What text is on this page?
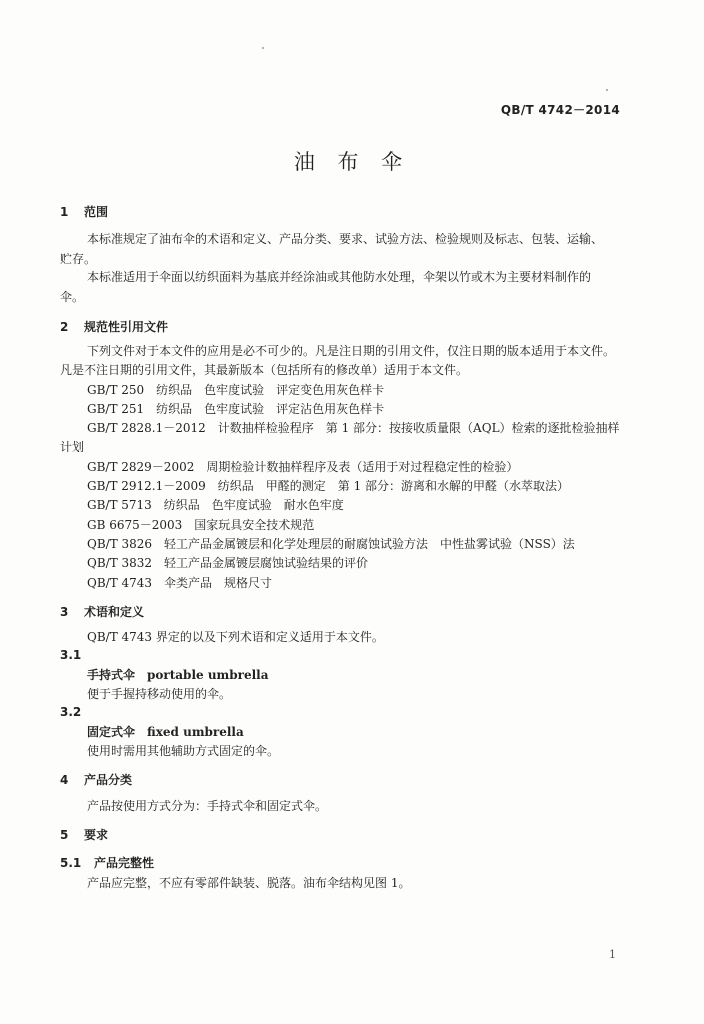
QB/T 4742－2014
油 布 伞
1 范围
本标准规定了油布伞的术语和定义、产品分类、要求、试验方法、检验规则及标志、包装、运输、
贮存。
本标准适用于伞面以纺织面料为基底并经涂油或其他防水处理，伞架以竹或木为主要材料制作的
伞。
2 规范性引用文件
下列文件对于本文件的应用是必不可少的。凡是注日期的引用文件，仅注日期的版本适用于本文件。
凡是不注日期的引用文件，其最新版本（包括所有的修改单）适用于本文件。
GB/T 250　纺织品　色牢度试验　评定变色用灰色样卡
GB/T 251　纺织品　色牢度试验　评定沾色用灰色样卡
GB/T 2828.1－2012　计数抽样检验程序　第 1 部分：按接收质量限（AQL）检索的逐批检验抽样
计划
GB/T 2829－2002　周期检验计数抽样程序及表（适用于对过程稳定性的检验）
GB/T 2912.1－2009　纺织品　甲醛的测定　第 1 部分：游离和水解的甲醛（水萃取法）
GB/T 5713　纺织品　色牢度试验　耐水色牢度
GB 6675－2003　国家玩具安全技术规范
QB/T 3826　轻工产品金属镀层和化学处理层的耐腐蚀试验方法　中性盐雾试验（NSS）法
QB/T 3832　轻工产品金属镀层腐蚀试验结果的评价
QB/T 4743　伞类产品　规格尺寸
3 术语和定义
QB/T 4743 界定的以及下列术语和定义适用于本文件。
3.1
手持式伞 portable umbrella
便于手握持移动使用的伞。
3.2
固定式伞 fixed umbrella
使用时需用其他辅助方式固定的伞。
4 产品分类
产品按使用方式分为：手持式伞和固定式伞。
5 要求
5.1 产品完整性
产品应完整，不应有零部件缺装、脱落。油布伞结构见图 1。
1
